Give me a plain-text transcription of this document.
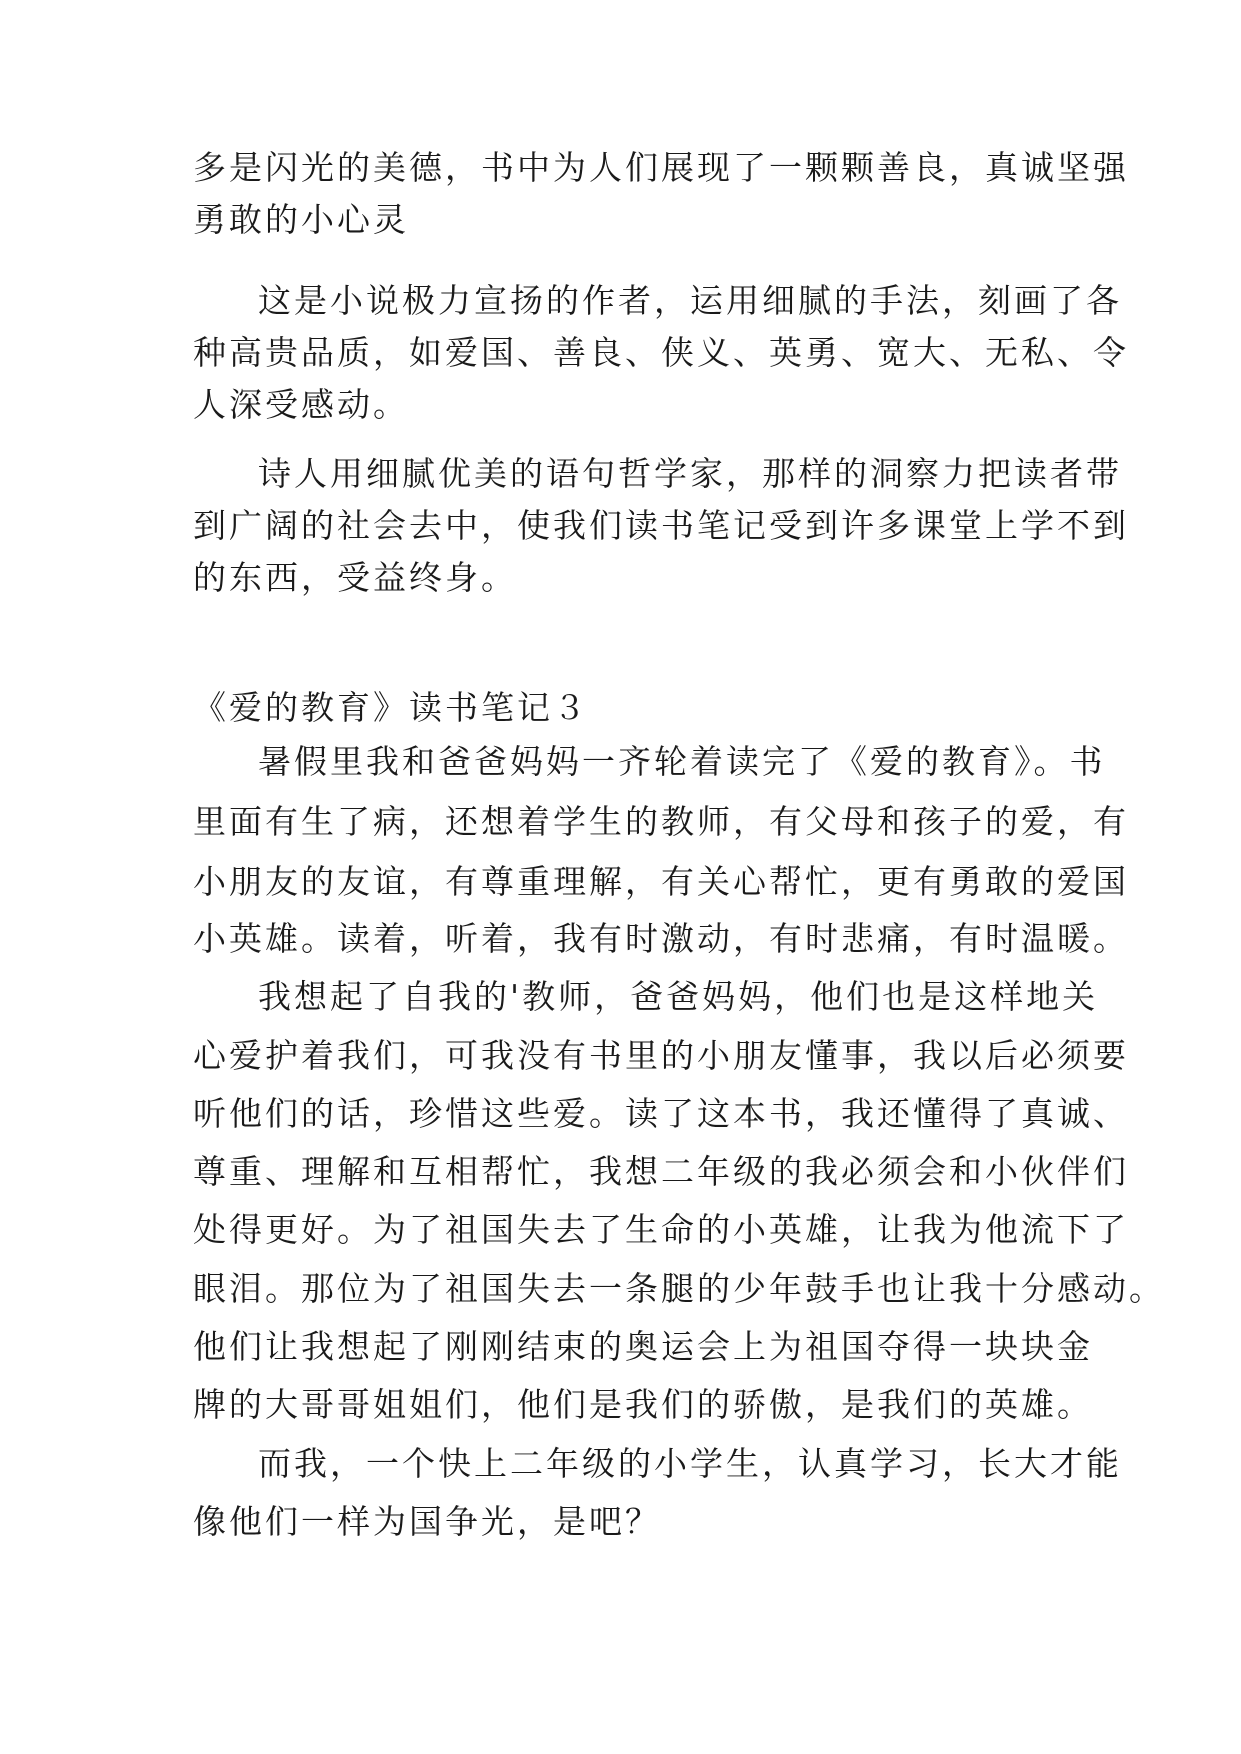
多是闪光的美德，书中为人们展现了一颗颗善良，真诚坚强
勇敢的小心灵
这是小说极力宣扬的作者，运用细腻的手法，刻画了各
种高贵品质，如爱国、善良、侠义、英勇、宽大、无私、令
人深受感动。
诗人用细腻优美的语句哲学家，那样的洞察力把读者带
到广阔的社会去中，使我们读书笔记受到许多课堂上学不到
的东西，受益终身。
《爱的教育》读书笔记３
暑假里我和爸爸妈妈一齐轮着读完了《爱的教育》。书
里面有生了病，还想着学生的教师，有父母和孩子的爱，有
小朋友的友谊，有尊重理解，有关心帮忙，更有勇敢的爱国
小英雄。读着，听着，我有时激动，有时悲痛，有时温暖。
我想起了自我的'教师，爸爸妈妈，他们也是这样地关
心爱护着我们，可我没有书里的小朋友懂事，我以后必须要
听他们的话，珍惜这些爱。读了这本书，我还懂得了真诚、
尊重、理解和互相帮忙，我想二年级的我必须会和小伙伴们
处得更好。为了祖国失去了生命的小英雄，让我为他流下了
眼泪。那位为了祖国失去一条腿的少年鼓手也让我十分感动。
他们让我想起了刚刚结束的奥运会上为祖国夺得一块块金
牌的大哥哥姐姐们，他们是我们的骄傲，是我们的英雄。
而我，一个快上二年级的小学生，认真学习，长大才能
像他们一样为国争光，是吧？
